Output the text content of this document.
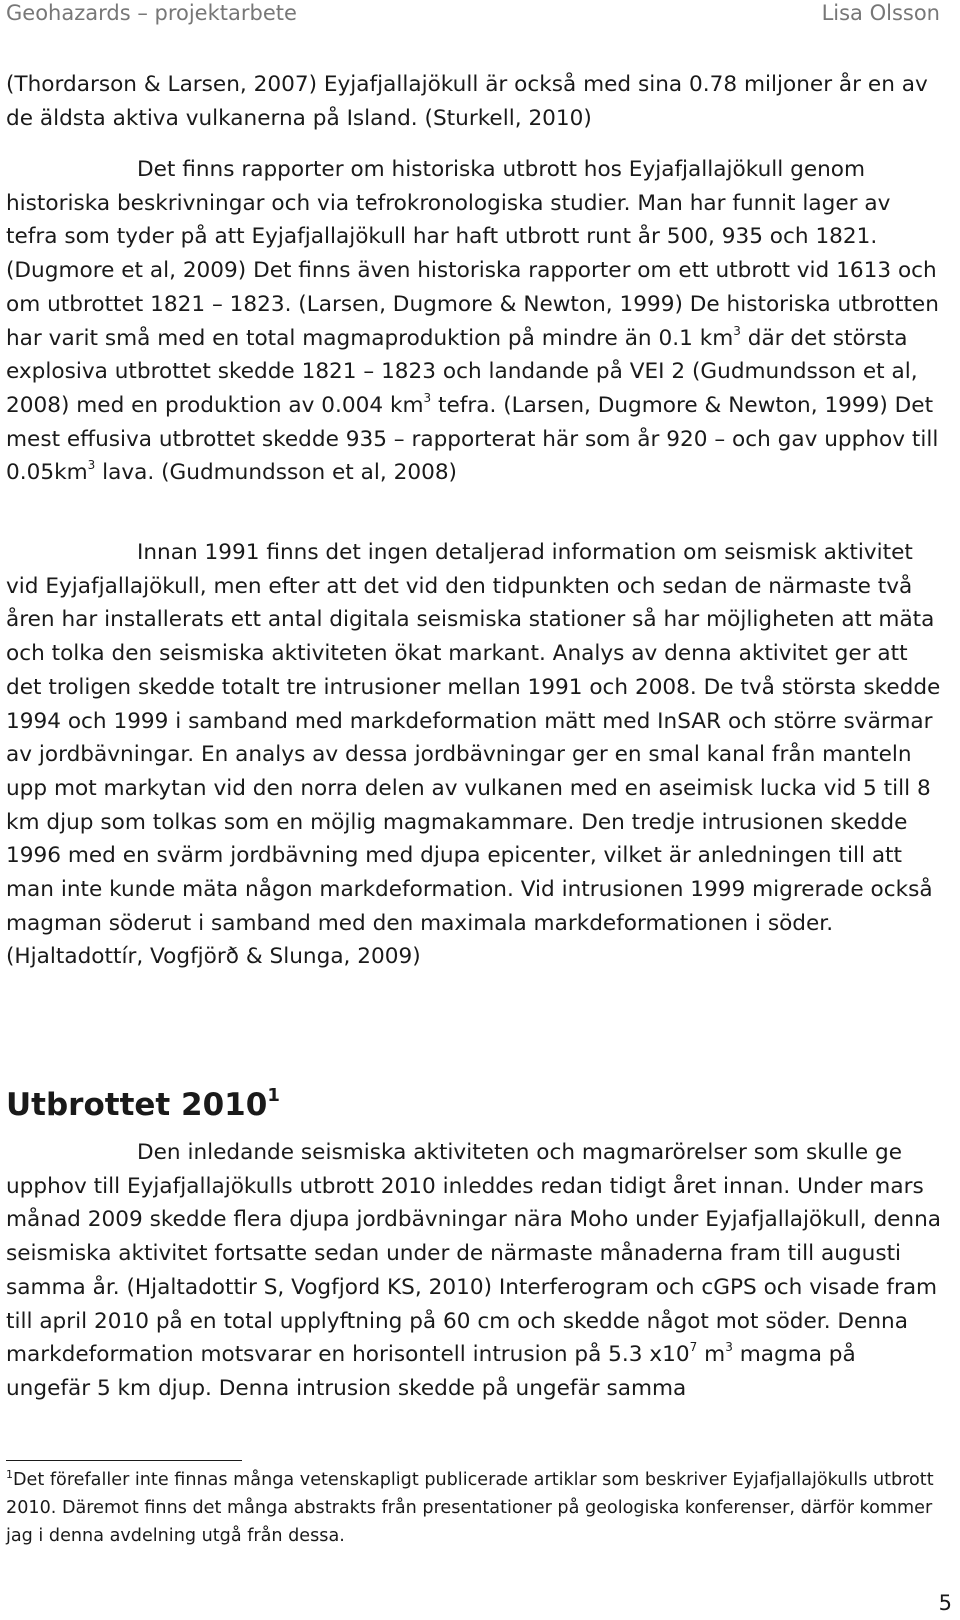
Geohazards – projektarbete	Lisa Olsson

(Thordarson & Larsen, 2007) Eyjafjallajökull är också med sina 0.78 miljoner år en av de äldsta aktiva vulkanerna på Island. (Sturkell, 2010)

Det finns rapporter om historiska utbrott hos Eyjafjallajökull genom historiska beskrivningar och via tefrokronologiska studier. Man har funnit lager av tefra som tyder på att Eyjafjallajökull har haft utbrott runt år 500, 935 och 1821. (Dugmore et al, 2009) Det finns även historiska rapporter om ett utbrott vid 1613 och om utbrottet 1821 – 1823. (Larsen, Dugmore & Newton, 1999) De historiska utbrotten har varit små med en total magmaproduktion på mindre än 0.1 $km^3$ där det största explosiva utbrottet skedde 1821 – 1823 och landande på VEI 2 (Gudmundsson et al, 2008) med en produktion av 0.004 $km^3$ tefra. (Larsen, Dugmore & Newton, 1999) Det mest effusiva utbrottet skedde 935 – rapporterat här som år 920 – och gav upphov till $0.05km^3$ lava. (Gudmundsson et al, 2008)

Innan 1991 finns det ingen detaljerad information om seismisk aktivitet vid Eyjafjallajökull, men efter att det vid den tidpunkten och sedan de närmaste två åren har installerats ett antal digitala seismiska stationer så har möjligheten att mäta och tolka den seismiska aktiviteten ökat markant. Analys av denna aktivitet ger att det troligen skedde totalt tre intrusioner mellan 1991 och 2008. De två största skedde 1994 och 1999 i samband med markdeformation mätt med InSAR och större svärmar av jordbävningar. En analys av dessa jordbävningar ger en smal kanal från manteln upp mot markytan vid den norra delen av vulkanen med en aseimisk lucka vid 5 till 8 km djup som tolkas som en möjlig magmakammare. Den tredje intrusionen skedde 1996 med en svärm jordbävning med djupa epicenter, vilket är anledningen till att man inte kunde mäta någon markdeformation. Vid intrusionen 1999 migrerade också magman söderut i samband med den maximala markdeformationen i söder. (Hjaltadottír, Vogfjörð & Slunga, 2009)

Utbrottet 2010$^1$

Den inledande seismiska aktiviteten och magmarörelser som skulle ge upphov till Eyjafjallajökulls utbrott 2010 inleddes redan tidigt året innan. Under mars månad 2009 skedde flera djupa jordbävningar nära Moho under Eyjafjallajökull, denna seismiska aktivitet fortsatte sedan under de närmaste månaderna fram till augusti samma år. (Hjaltadottir S, Vogfjord KS, 2010) Interferogram och cGPS och visade fram till april 2010 på en total upplyftning på 60 cm och skedde något mot söder. Denna markdeformation motsvarar en horisontell intrusion på 5.3 $x10^7$ $m^3$ magma på ungefär 5 km djup. Denna intrusion skedde på ungefär samma

$^1$Det förefaller inte finnas många vetenskapligt publicerade artiklar som beskriver Eyjafjallajökulls utbrott 2010. Däremot finns det många abstrakts från presentationer på geologiska konferenser, därför kommer jag i denna avdelning utgå från dessa.

5
